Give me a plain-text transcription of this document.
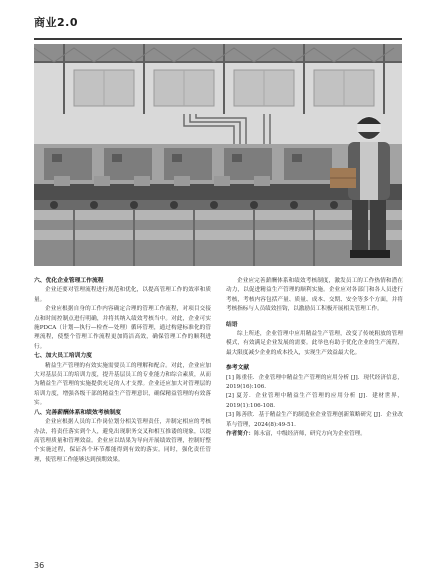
商业2.0
六、优化企业管理工作流程

企业还要对管理流程进行规范和优化，以提高管理工作的效率和质量。

企业应根据自身的工作内容确定合理的管理工作流程，对项目交接点和时间控制点进行明确，并将其纳入绩效考核当中。对此，企业可实施PDCA（计划—执行—检查—处理）循环管理，通过构建标准化的管理流程，使整个管理工作流程更加简洁高效，确保管理工作的顺利进行。

七、加大员工培训力度

精益生产管理的有效实施需要员工的理解和配合。对此，企业应加大对基层员工的培训力度，提升基层员工的专业能力和综合素质，从而为精益生产管理的实施提供充足的人才支撑。企业还应加大对管理层的培训力度，增强各级干部的精益生产管理意识，确保精益管理的有效落实。

八、完善薪酬体系和绩效考核制度

企业应根据人员的工作岗位划分相关管理责任，并制定相应的考核办法，将责任落实到个人，避免出现职务交叉和相互推诿的现象，以提高管理质量和管理效益。企业应以结果为导向开展绩效管理，控制好整个实施过程，保证各个环节都能得到有效的落实。同时，强化责任管理，使管理工作能够达到预期效果。

企业应完善薪酬体系和绩效考核制度，激发员工的工作热情和潜在动力，以促进精益生产管理的顺利实施。企业应对各部门和各人员进行考核，考核内容包括产量、质量、成本、交期、安全等多个方面，并将考核指标与人员绩效挂钩，以激励员工积极开展相关管理工作。

结语

综上所述，企业管理中应用精益生产管理，改变了传统粗放的管理模式，有效满足企业发展的需要。此举也有助于优化企业的生产流程，最大限度减少企业的成本投入，实现生产效益最大化。

参考文献

[1] 陈重佳．企业管理中精益生产管理的应用分析 [J]．现代经济信息，2019(16):106.

[2] 夏芳．企业管理中精益生产管理的应用分析 [J]．建材世界，2019(1):106-108.

[3] 陈善欣．基于精益生产的制造业企业管理创新策略研究 [J]．企业改革与管理，2024(8):49-51.

作者简介：陈永富，中级经济师，研究方向为企业管理。

36
